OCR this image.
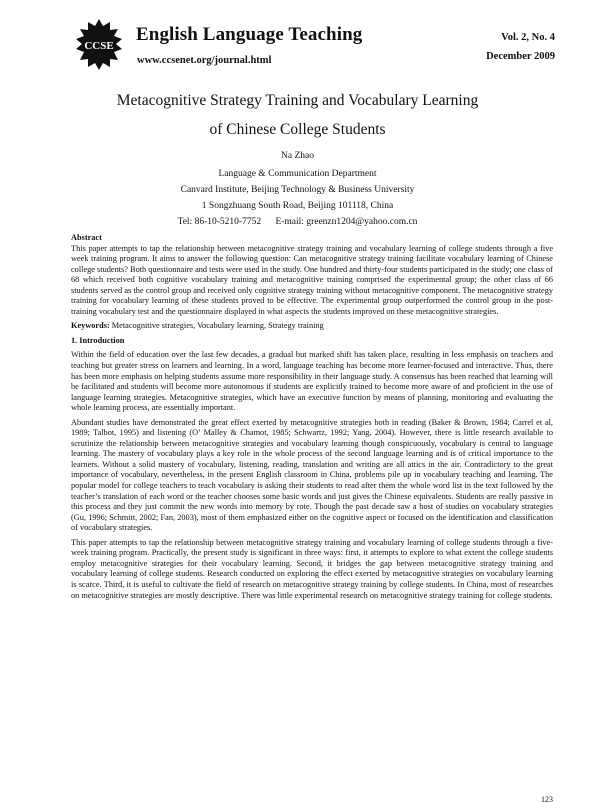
CCSE
English Language Teaching
www.ccsenet.org/journal.html
Vol. 2, No. 4
December 2009
Metacognitive Strategy Training and Vocabulary Learning
of Chinese College Students
Na Zhao
Language & Communication Department
Canvard Institute, Beijing Technology & Business University
1 Songzhuang South Road, Beijing 101118, China
Tel: 86-10-5210-7752 E-mail: greenzn1204@yahoo.com.cn

Abstract

This paper attempts to tap the relationship between metacognitive strategy training and vocabulary learning of college students through a five week training program. It aims to answer the following question: Can metacognitive strategy training facilitate vocabulary learning of Chinese college students? Both questionnaire and tests were used in the study. One hundred and thirty-four students participated in the study; one class of 68 which received both cognitive vocabulary training and metacognitive training comprised the experimental group; the other class of 66 students served as the control group and received only cognitive strategy training without metacognitive component. The metacognitive strategy training for vocabulary learning of these students proved to be effective. The experimental group outperformed the control group in the post-training vocabulary test and the questionnaire displayed in what aspects the students improved on these metacognitive strategies.

Keywords: Metacognitive strategies, Vocabulary learning, Strategy training

1. Introduction

Within the field of education over the last few decades, a gradual but marked shift has taken place, resulting in less emphasis on teachers and teaching but greater stress on learners and learning. In a word, language teaching has become more learner-focused and interactive. Thus, there has been more emphasis on helping students assume more responsibility in their language study. A consensus has been reached that learning will be facilitated and students will become more autonomous if students are explicitly trained to become more aware of and proficient in the use of language learning strategies. Metacognitive strategies, which have an executive function by means of planning, monitoring and evaluating the whole learning process, are essentially important.

Abundant studies have demonstrated the great effect exerted by metacognitive strategies both in reading (Baker & Brown, 1984; Carrel et al, 1989; Talbot, 1995) and listening (O’ Malley & Chamot, 1985; Schwartz, 1992; Yang, 2004). However, there is little research available to scrutinize the relationship between metacognitive strategies and vocabulary learning though conspicuously, vocabulary is central to language learning. The mastery of vocabulary plays a key role in the whole process of the second language learning and is of critical importance to the learners. Without a solid mastery of vocabulary, listening, reading, translation and writing are all attics in the air. Contradictory to the great importance of vocabulary, nevertheless, in the present English classroom in China, problems pile up in vocabulary teaching and learning. The popular model for college teachers to teach vocabulary is asking their students to read after them the whole word list in the text followed by the teacher’s translation of each word or the teacher chooses some basic words and just gives the Chinese equivalents. Students are really passive in this process and they just commit the new words into memory by rote. Though the past decade saw a host of studies on vocabulary strategies (Gu, 1996; Schmitt, 2002; Fan, 2003), most of them emphasized either on the cognitive aspect or focused on the identification and classification of vocabulary strategies.

This paper attempts to tap the relationship between metacognitive strategy training and vocabulary learning of college students through a five-week training program. Practically, the present study is significant in three ways: first, it attempts to explore to what extent the college students employ metacognitive strategies for their vocabulary learning. Second, it bridges the gap between metacognitive strategy training and vocabulary learning of college students. Research conducted on exploring the effect exerted by metacognitive strategies on vocabulary learning is scarce. Third, it is useful to cultivate the field of research on metacognitive strategy training by college students. In China, most of researches on metacognitive strategies are mostly descriptive. There was little experimental research on metacognitive strategy training for college students.

123
